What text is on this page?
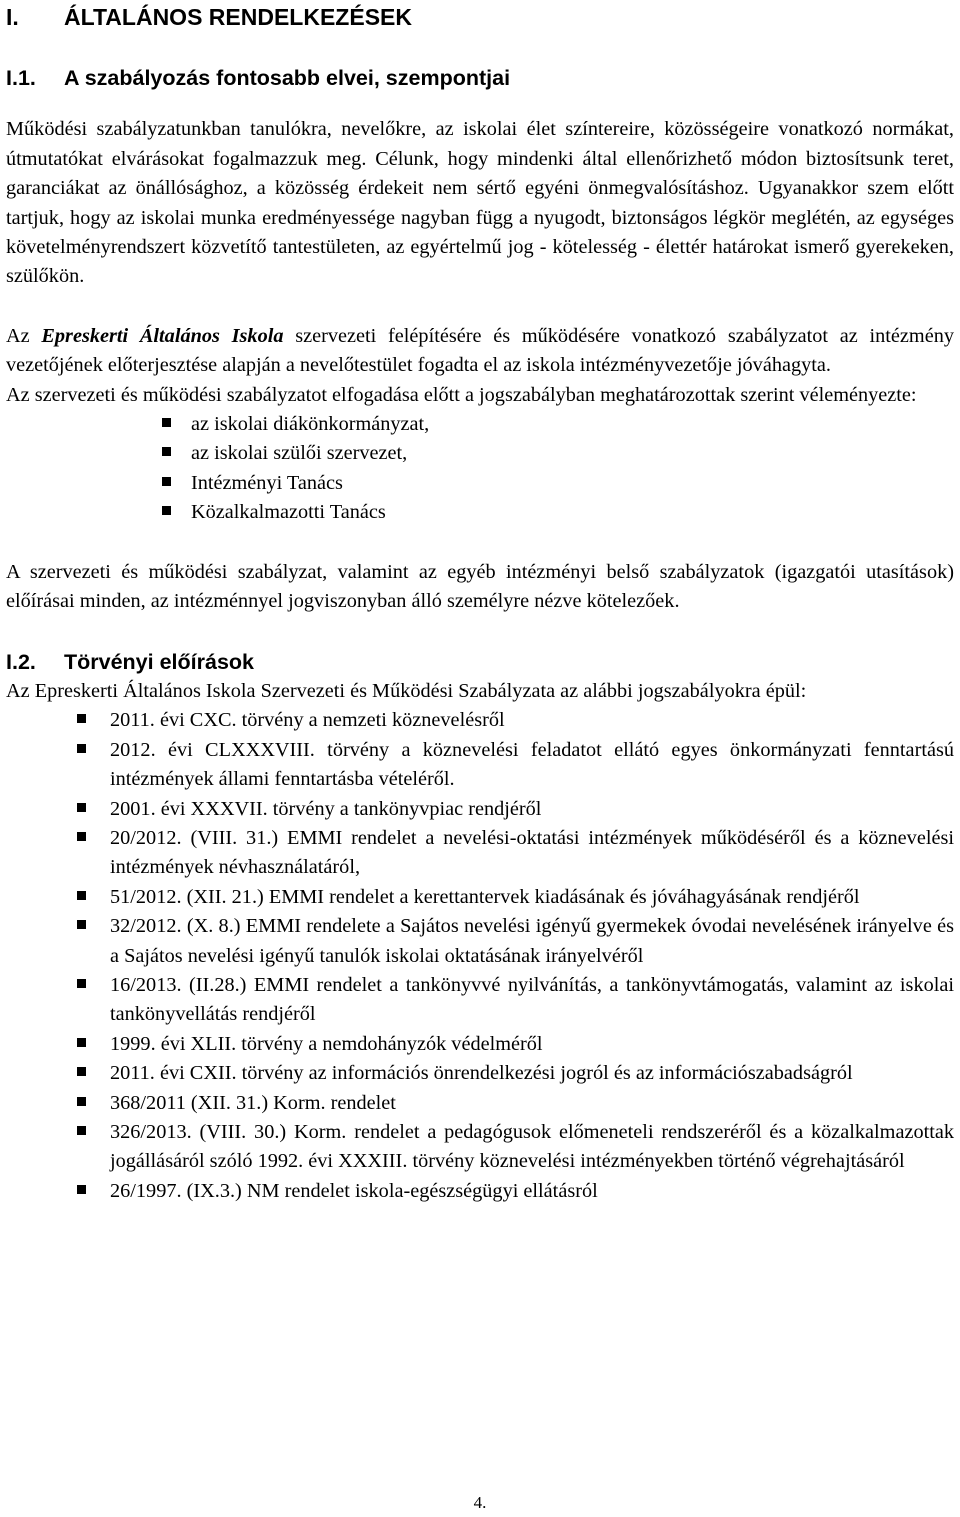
I. ÁLTALÁNOS RENDELKEZÉSEK
I.1. A szabályozás fontosabb elvei, szempontjai

Működési szabályzatunkban tanulókra, nevelőkre, az iskolai élet színtereire, közösségeire vonatkozó normákat, útmutatókat elvárásokat fogalmazzuk meg. Célunk, hogy mindenki által ellenőrizhető módon biztosítsunk teret, garanciákat az önállósághoz, a közösség érdekeit nem sértő egyéni önmegvalósításhoz. Ugyanakkor szem előtt tartjuk, hogy az iskolai munka eredményessége nagyban függ a nyugodt, biztonságos légkör meglétén, az egységes követelményrendszert közvetítő tantestületen, az egyértelmű jog - kötelesség - élettér határokat ismerő gyerekeken, szülőkön.

Az Epreskerti Általános Iskola szervezeti felépítésére és működésére vonatkozó szabályzatot az intézmény vezetőjének előterjesztése alapján a nevelőtestület fogadta el az iskola intézményvezetője jóváhagyta.

Az szervezeti és működési szabályzatot elfogadása előtt a jogszabályban meghatározottak szerint véleményezte:

az iskolai diákönkormányzat,
az iskolai szülői szervezet,
Intézményi Tanács
Közalkalmazotti Tanács

A szervezeti és működési szabályzat, valamint az egyéb intézményi belső szabályzatok (igazgatói utasítások) előírásai minden, az intézménnyel jogviszonyban álló személyre nézve kötelezőek.

I.2. Törvényi előírások

Az Epreskerti Általános Iskola Szervezeti és Működési Szabályzata az alábbi jogszabályokra épül:

2011. évi CXC. törvény a nemzeti köznevelésről
2012. évi CLXXXVIII. törvény a köznevelési feladatot ellátó egyes önkormányzati fenntartású intézmények állami fenntartásba vételéről.
2001. évi XXXVII. törvény a tankönyvpiac rendjéről
20/2012. (VIII. 31.) EMMI rendelet a nevelési-oktatási intézmények működéséről és a köznevelési intézmények névhasználatáról,
51/2012. (XII. 21.) EMMI rendelet a kerettantervek kiadásának és jóváhagyásának rendjéről
32/2012. (X. 8.) EMMI rendelete a Sajátos nevelési igényű gyermekek óvodai nevelésének irányelve és a Sajátos nevelési igényű tanulók iskolai oktatásának irányelvéről
16/2013. (II.28.) EMMI rendelet a tankönyvvé nyilvánítás, a tankönyvtámogatás, valamint az iskolai tankönyvellátás rendjéről
1999. évi XLII. törvény a nemdohányzók védelméről
2011. évi CXII. törvény az információs önrendelkezési jogról és az információszabadságról
368/2011 (XII. 31.) Korm. rendelet
326/2013. (VIII. 30.) Korm. rendelet a pedagógusok előmeneteli rendszeréről és a közalkalmazottak jogállásáról szóló 1992. évi XXXIII. törvény köznevelési intézményekben történő végrehajtásáról
26/1997. (IX.3.) NM rendelet iskola-egészségügyi ellátásról
4.
